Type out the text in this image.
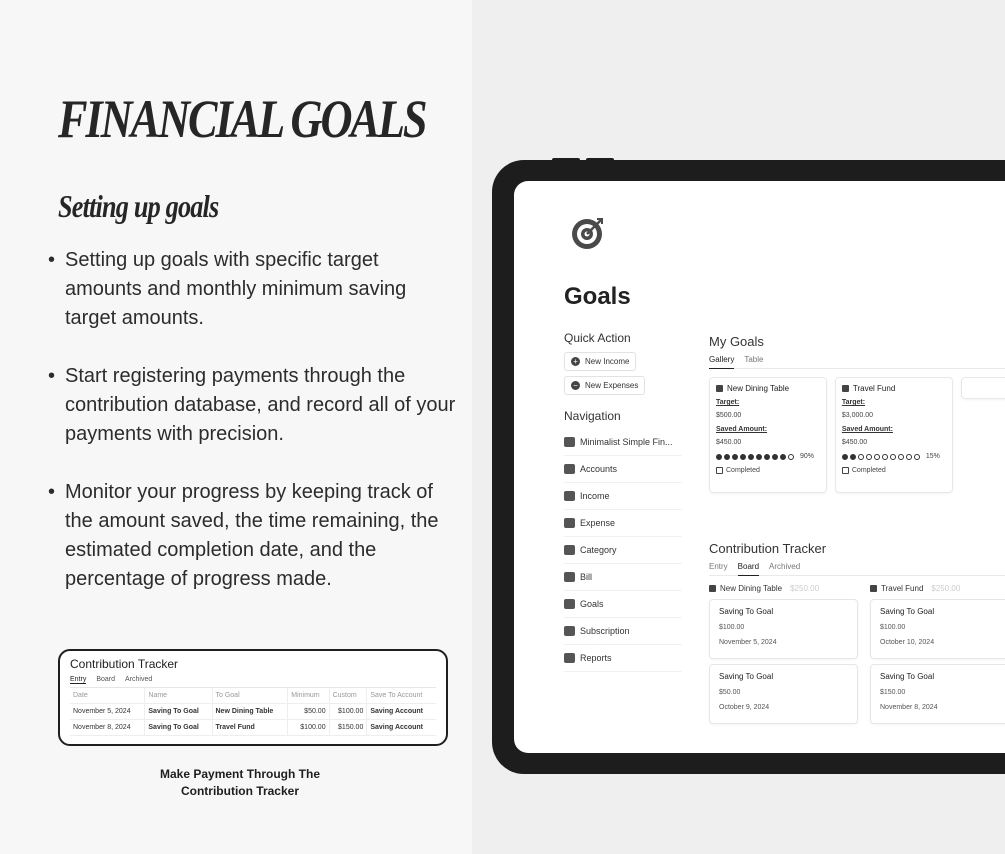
FINANCIAL GOALS
Setting up goals
• Setting up goals with specific target amounts and monthly minimum saving target amounts.
• Start registering payments through the contribution database, and record all of your payments with precision.
• Monitor your progress by keeping track of the amount saved, the time remaining, the estimated completion date, and the percentage of progress made.
Contribution Tracker
Entry Board Archived
Date	Name	To Goal	Minimum	Custom	Save To Account
November 5, 2024	Saving To Goal	New Dining Table	$50.00	$100.00	Saving Account
November 8, 2024	Saving To Goal	Travel Fund	$100.00	$150.00	Saving Account
Make Payment Through The
Contribution Tracker
Goals
Quick Action
+ New Income

− New Expenses
Navigation
Minimalist Simple Fin...
Accounts
Income
Expense
Category
Bill
Goals
Subscription
Reports
My Goals
Gallery Table
New Dining Table
Target:
$500.00
Saved Amount:
$450.00
90%
Completed
Travel Fund
Target:
$3,000.00
Saved Amount:
$450.00
15%
Completed
Contribution Tracker
Entry Board Archived
New Dining Table $250.00
Saving To Goal
$100.00
November 5, 2024
Saving To Goal
$50.00
October 9, 2024
Travel Fund $250.00
Saving To Goal
$100.00
October 10, 2024
Saving To Goal
$150.00
November 8, 2024
